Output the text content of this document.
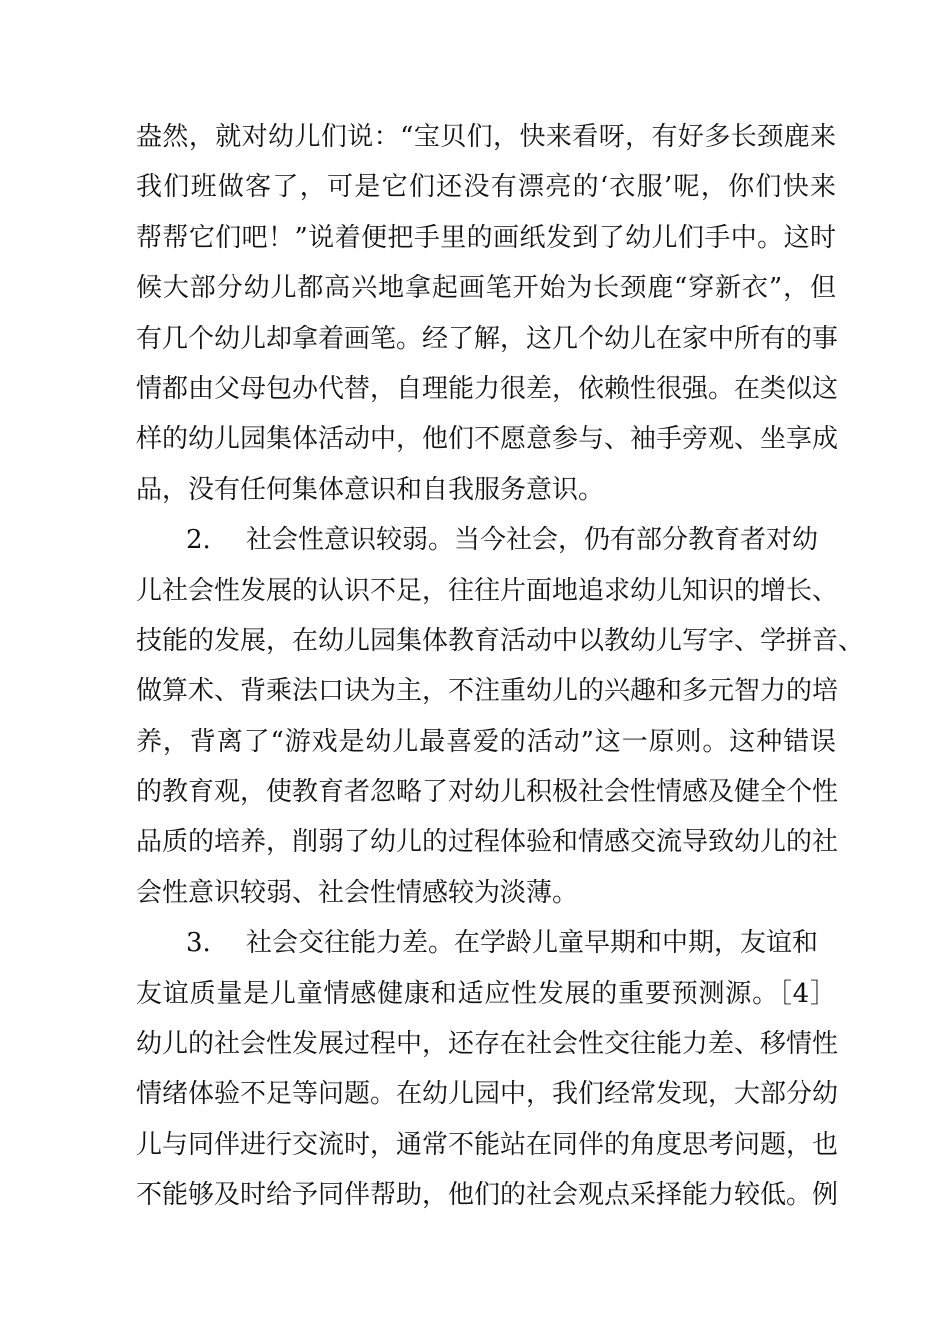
盎然，就对幼儿们说：“宝贝们，快来看呀，有好多长颈鹿来
我们班做客了，可是它们还没有漂亮的‘衣服’呢，你们快来
帮帮它们吧！”说着便把手里的画纸发到了幼儿们手中。这时
候大部分幼儿都高兴地拿起画笔开始为长颈鹿“穿新衣”，但
有几个幼儿却拿着画笔。经了解，这几个幼儿在家中所有的事
情都由父母包办代替，自理能力很差，依赖性很强。在类似这
样的幼儿园集体活动中，他们不愿意参与、袖手旁观、坐享成
品，没有任何集体意识和自我服务意识。
2.	社会性意识较弱。当今社会，仍有部分教育者对幼
儿社会性发展的认识不足，往往片面地追求幼儿知识的增长、
技能的发展，在幼儿园集体教育活动中以教幼儿写字、学拼音、
做算术、背乘法口诀为主，不注重幼儿的兴趣和多元智力的培
养，背离了“游戏是幼儿最喜爱的活动”这一原则。这种错误
的教育观，使教育者忽略了对幼儿积极社会性情感及健全个性
品质的培养，削弱了幼儿的过程体验和情感交流导致幼儿的社
会性意识较弱、社会性情感较为淡薄。
3.	社会交往能力差。在学龄儿童早期和中期，友谊和
友谊质量是儿童情感健康和适应性发展的重要预测源。［4］
幼儿的社会性发展过程中，还存在社会性交往能力差、移情性
情绪体验不足等问题。在幼儿园中，我们经常发现，大部分幼
儿与同伴进行交流时，通常不能站在同伴的角度思考问题，也
不能够及时给予同伴帮助，他们的社会观点采择能力较低。例
